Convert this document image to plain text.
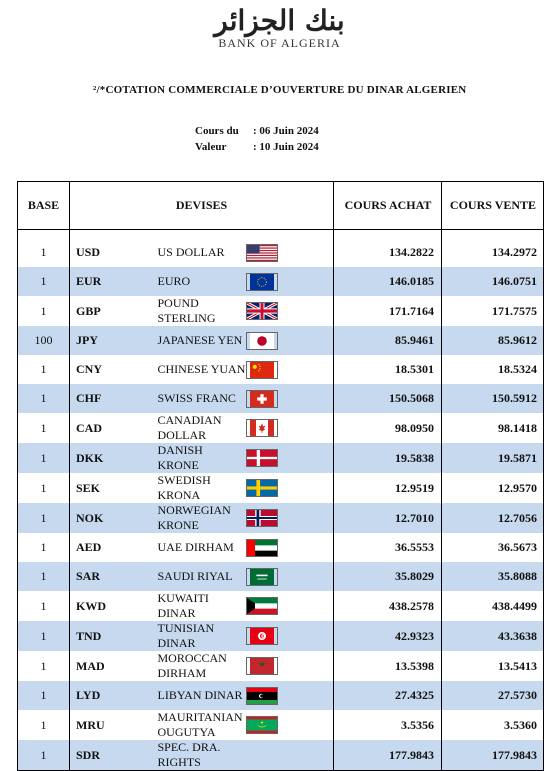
بنك الجزائر
BANK OF ALGERIA
²/*COTATION COMMERCIALE D’OUVERTURE DU DINAR ALGERIEN
Cours du : 06 Juin 2024
Valeur : 10 Juin 2024
BASE	DEVISES			COURS ACHAT	COURS VENTE

1	USD	US DOLLAR		134.2822	134.2972
1	EUR	EURO		146.0185	146.0751
1	GBP	POUND STERLING		171.7164	171.7575
100	JPY	JAPANESE YEN		85.9461	85.9612
1	CNY	CHINESE YUAN		18.5301	18.5324
1	CHF	SWISS FRANC		150.5068	150.5912
1	CAD	CANADIAN DOLLAR		98.0950	98.1418
1	DKK	DANISH KRONE		19.5838	19.5871
1	SEK	SWEDISH KRONA		12.9519	12.9570
1	NOK	NORWEGIAN KRONE		12.7010	12.7056
1	AED	UAE DIRHAM		36.5553	36.5673
1	SAR	SAUDI RIYAL		35.8029	35.8088
1	KWD	KUWAITI DINAR		438.2578	438.4499
1	TND	TUNISIAN DINAR		42.9323	43.3638
1	MAD	MOROCCAN DIRHAM		13.5398	13.5413
1	LYD	LIBYAN DINAR		27.4325	27.5730
1	MRU	MAURITANIAN OUGUTYA		3.5356	3.5360
1	SDR	SPEC. DRA. RIGHTS		177.9843	177.9843
